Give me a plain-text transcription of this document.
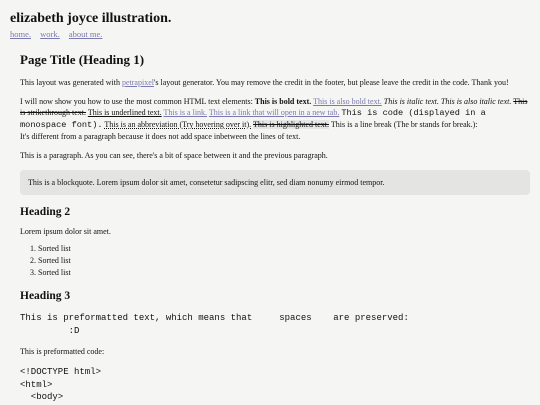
elizabeth joyce illustration.
home. work. about me.
Page Title (Heading 1)

This layout was generated with petrapixel's layout generator. You may remove the credit in the footer, but please leave the credit in the code. Thank you!

I will now show you how to use the most common HTML text elements: This is bold text. This is also bold text. This is italic text. This is also italic text. This is strikethrough text. This is underlined text. This is a link. This is a link that will open in a new tab. This is code (displayed in a monospace font). This is an abbreviation (Try hovering over it). This is highlighted text. This is a line break (The br stands for break.):
It's different from a paragraph because it does not add space inbetween the lines of text.

This is a paragraph. As you can see, there's a bit of space between it and the previous paragraph.

This is a blockquote. Lorem ipsum dolor sit amet, consetetur sadipscing elitr, sed diam nonumy eirmod tempor.
Heading 2

Lorem ipsum dolor sit amet.

1. Sorted list
2. Sorted list
3. Sorted list
Heading 3
This is preformatted text, which means that     spaces    are preserved:
:D

This is preformatted code:

<!DOCTYPE html>
<html>
<body>
